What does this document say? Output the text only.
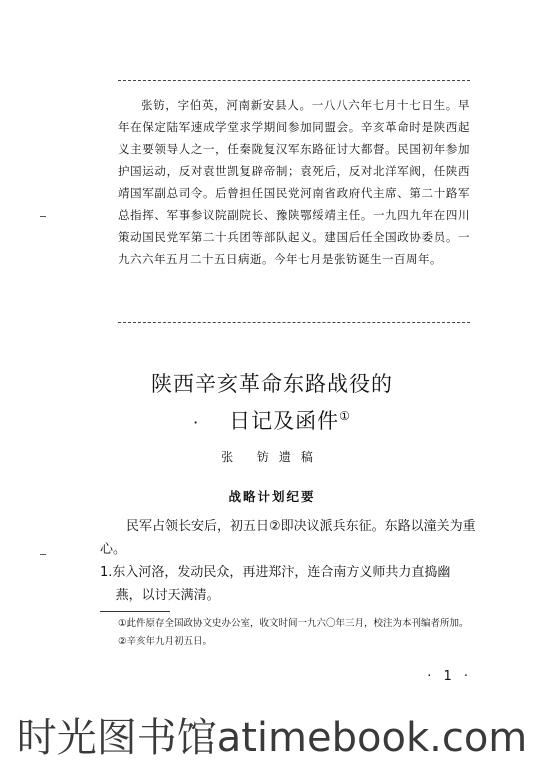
张钫，字伯英，河南新安县人。一八八六年七月十七日生。早年在保定陆军速成学堂求学期间参加同盟会。辛亥革命时是陕西起义主要领导人之一，任秦陇复汉军东路征讨大都督。民国初年参加护国运动，反对袁世凯复辟帝制；袁死后，反对北洋军阀，任陕西靖国军副总司令。后曾担任国民党河南省政府代主席、第二十路军总指挥、军事参议院副院长、豫陕鄂绥靖主任。一九四九年在四川策动国民党军第二十兵团等部队起义。建国后任全国政协委员。一九六六年五月二十五日病逝。今年七月是张钫诞生一百周年。

陕西辛亥革命东路战役的
· 日记及函件①
张 钫遗稿
战略计划纪要

民军占领长安后，初五日②即决议派兵东征。东路以潼关为重心。

1.东入河洛，发动民众，再进郑汴，连合南方义师共力直捣幽燕，以讨天满清。

①此件原存全国政协文史办公室，收文时间一九六〇年三月，校注为本刊编者所加。

②辛亥年九月初五日。

· 1 ·
时光图书馆atimebook.com
